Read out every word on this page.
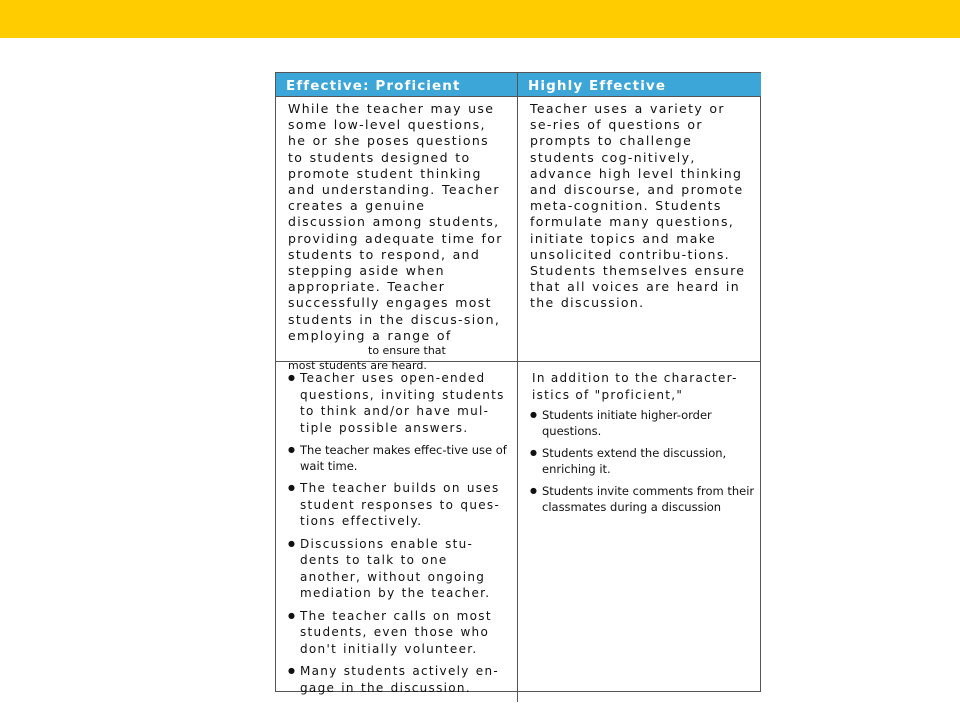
Effective: Proficient	Highly Effective

While the teacher may use some low-level questions, he or she poses questions to students designed to promote student thinking and understanding. Teacher creates a genuine discussion among students, providing adequate time for students to respond, and stepping aside when appropriate. Teacher successfully engages most students in the discus-sion, employing a range of

to ensure that

most students are heard.

Teacher uses a variety or se-ries of questions or prompts to challenge students cog-nitively, advance high level thinking and discourse, and promote meta-cognition. Students formulate many questions, initiate topics and make unsolicited contribu-tions. Students themselves ensure that all voices are heard in the discussion.

● Teacher uses open-ended questions, inviting students to think and/or have mul-tiple possible answers.
● The teacher makes effec-tive use of wait time.
● The teacher builds on uses student responses to ques-tions effectively.
● Discussions enable stu-dents to talk to one another, without ongoing mediation by the teacher.
● The teacher calls on most students, even those who don't initially volunteer.
● Many students actively en-gage in the discussion.

In addition to the character-istics of "proficient,"

● Students initiate higher-order questions.
● Students extend the discussion, enriching it.
● Students invite comments from their classmates during a discussion
